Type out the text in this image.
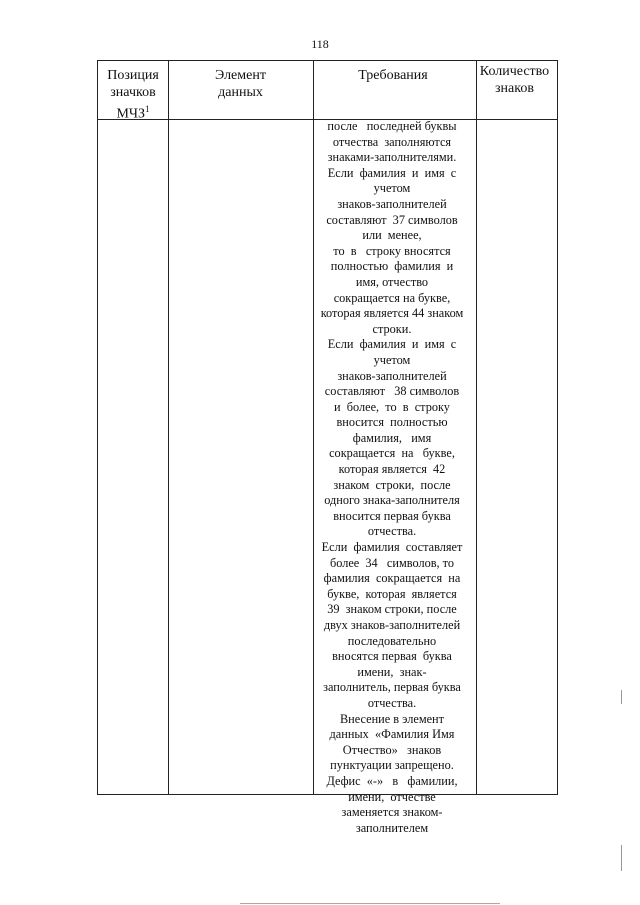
118
Позиция
значков
МЧЗ$^1$
Элемент
данных
Требования	Количество
знаков
после   последней буквы
отчества  заполняются
знаками-заполнителями.
Если  фамилия  и  имя  с
учетом
знаков-заполнителей
составляют  37 символов
или  менее,
то  в   строку вносятся
полностью  фамилия  и
имя, отчество
сокращается на букве,
которая является 44 знаком
строки.
Если  фамилия  и  имя  с
учетом
знаков-заполнителей
составляют   38 символов
и  более,  то  в  строку
вносится  полностью
фамилия,   имя
сокращается  на   букве,
которая является  42
знаком  строки,  после
одного знака-заполнителя
вносится первая буква
отчества.
Если  фамилия  составляет
более  34   символов, то
фамилия  сокращается  на
букве,  которая  является
39  знаком строки, после
двух знаков-заполнителей
последовательно
вносятся первая  буква
имени,  знак-
заполнитель, первая буква
отчества.
Внесение в элемент
данных  «Фамилия Имя
Отчество»   знаков
пунктуации запрещено.
Дефис  «-»   в   фамилии,
имени,  отчестве
заменяется знаком-
заполнителем
